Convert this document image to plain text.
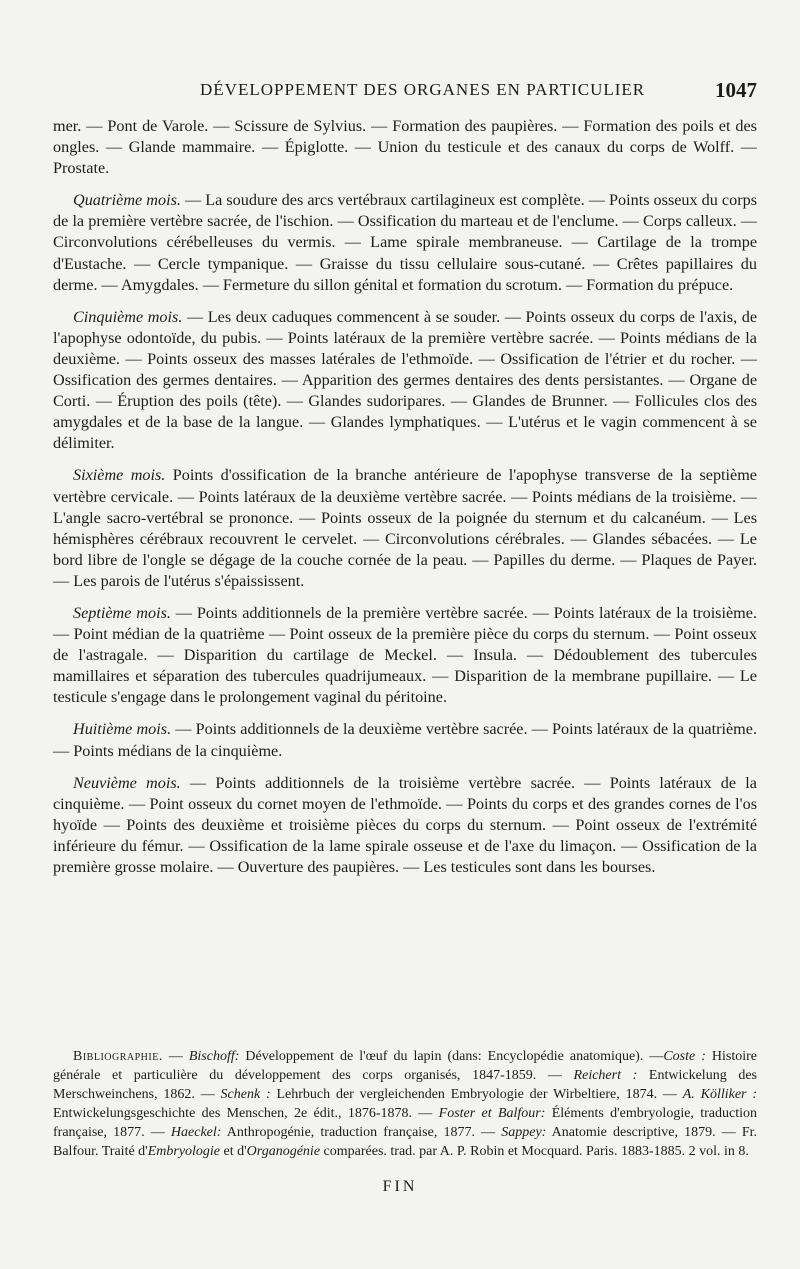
DÉVELOPPEMENT DES ORGANES EN PARTICULIER	1047

mer. — Pont de Varole. — Scissure de Sylvius. — Formation des paupières. — Formation des poils et des ongles. — Glande mammaire. — Épiglotte. — Union du testicule et des canaux du corps de Wolff. — Prostate.

Quatrième mois. — La soudure des arcs vertébraux cartilagineux est complète. — Points osseux du corps de la première vertèbre sacrée, de l'ischion. — Ossification du marteau et de l'enclume. — Corps calleux. — Circonvolutions cérébelleuses du vermis. — Lame spirale membraneuse. — Cartilage de la trompe d'Eustache. — Cercle tympanique. — Graisse du tissu cellulaire sous-cutané. — Crêtes papillaires du derme. — Amygdales. — Fermeture du sillon génital et formation du scrotum. — Formation du prépuce.

Cinquième mois. — Les deux caduques commencent à se souder. — Points osseux du corps de l'axis, de l'apophyse odontoïde, du pubis. — Points latéraux de la première vertèbre sacrée. — Points médians de la deuxième. — Points osseux des masses latérales de l'ethmoïde. — Ossification de l'étrier et du rocher. — Ossification des germes dentaires. — Apparition des germes dentaires des dents persistantes. — Organe de Corti. — Éruption des poils (tête). — Glandes sudoripares. — Glandes de Brunner. — Follicules clos des amygdales et de la base de la langue. — Glandes lymphatiques. — L'utérus et le vagin commencent à se délimiter.

Sixième mois. Points d'ossification de la branche antérieure de l'apophyse transverse de la septième vertèbre cervicale. — Points latéraux de la deuxième vertèbre sacrée. — Points médians de la troisième. — L'angle sacro-vertébral se prononce. — Points osseux de la poignée du sternum et du calcanéum. — Les hémisphères cérébraux recouvrent le cervelet. — Circonvolutions cérébrales. — Glandes sébacées. — Le bord libre de l'ongle se dégage de la couche cornée de la peau. — Papilles du derme. — Plaques de Payer. — Les parois de l'utérus s'épaississent.

Septième mois. — Points additionnels de la première vertèbre sacrée. — Points latéraux de la troisième. — Point médian de la quatrième — Point osseux de la première pièce du corps du sternum. — Point osseux de l'astragale. — Disparition du cartilage de Meckel. — Insula. — Dédoublement des tubercules mamillaires et séparation des tubercules quadrijumeaux. — Disparition de la membrane pupillaire. — Le testicule s'engage dans le prolongement vaginal du péritoine.

Huitième mois. — Points additionnels de la deuxième vertèbre sacrée. — Points latéraux de la quatrième. — Points médians de la cinquième.

Neuvième mois. — Points additionnels de la troisième vertèbre sacrée. — Points latéraux de la cinquième. — Point osseux du cornet moyen de l'ethmoïde. — Points du corps et des grandes cornes de l'os hyoïde — Points des deuxième et troisième pièces du corps du sternum. — Point osseux de l'extrémité inférieure du fémur. — Ossification de la lame spirale osseuse et de l'axe du limaçon. — Ossification de la première grosse molaire. — Ouverture des paupières. — Les testicules sont dans les bourses.

Bibliographie. — Bischoff: Développement de l'œuf du lapin (dans: Encyclopédie anatomique). —Coste : Histoire générale et particulière du développement des corps organisés, 1847-1859. — Reichert : Entwickelung des Merschweinchens, 1862. — Schenk : Lehrbuch der vergleichenden Embryologie der Wirbeltiere, 1874. — A. Kölliker : Entwickelungsgeschichte des Menschen, 2e édit., 1876-1878. — Foster et Balfour: Éléments d'embryologie, traduction française, 1877. — Haeckel: Anthropogénie, traduction française, 1877. — Sappey: Anatomie descriptive, 1879. — Fr. Balfour. Traité d'Embryologie et d'Organogénie comparées. trad. par A. P. Robin et Mocquard. Paris. 1883-1885. 2 vol. in 8.

FIN
